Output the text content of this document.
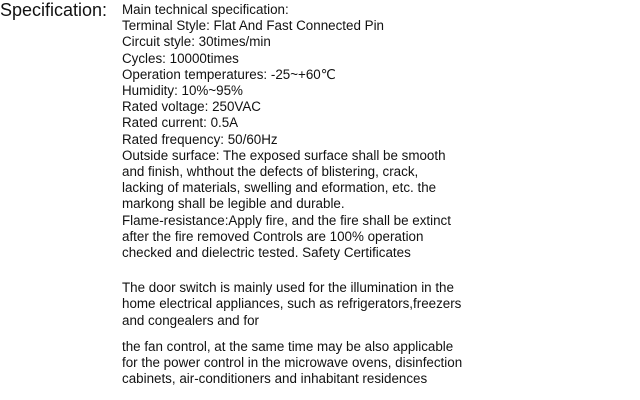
Specification: Main technical specification:
Terminal Style: Flat And Fast Connected Pin
Circuit style: 30times/min
Cycles: 10000times
Operation temperatures: -25~+60℃
Humidity: 10%~95%
Rated voltage: 250VAC
Rated current: 0.5A
Rated frequency: 50/60Hz
Outside surface: The exposed surface shall be smooth
and finish, whthout the defects of blistering, crack,
lacking of materials, swelling and eformation, etc. the
markong shall be legible and durable.
Flame-resistance:Apply fire, and the fire shall be extinct
after the fire removed Controls are 100% operation
checked and dielectric tested. Safety Certificates
The door switch is mainly used for the illumination in the
home electrical appliances, such as refrigerators,freezers
and congealers and for
the fan control, at the same time may be also applicable
for the power control in the microwave ovens, disinfection
cabinets, air-conditioners and inhabitant residences
